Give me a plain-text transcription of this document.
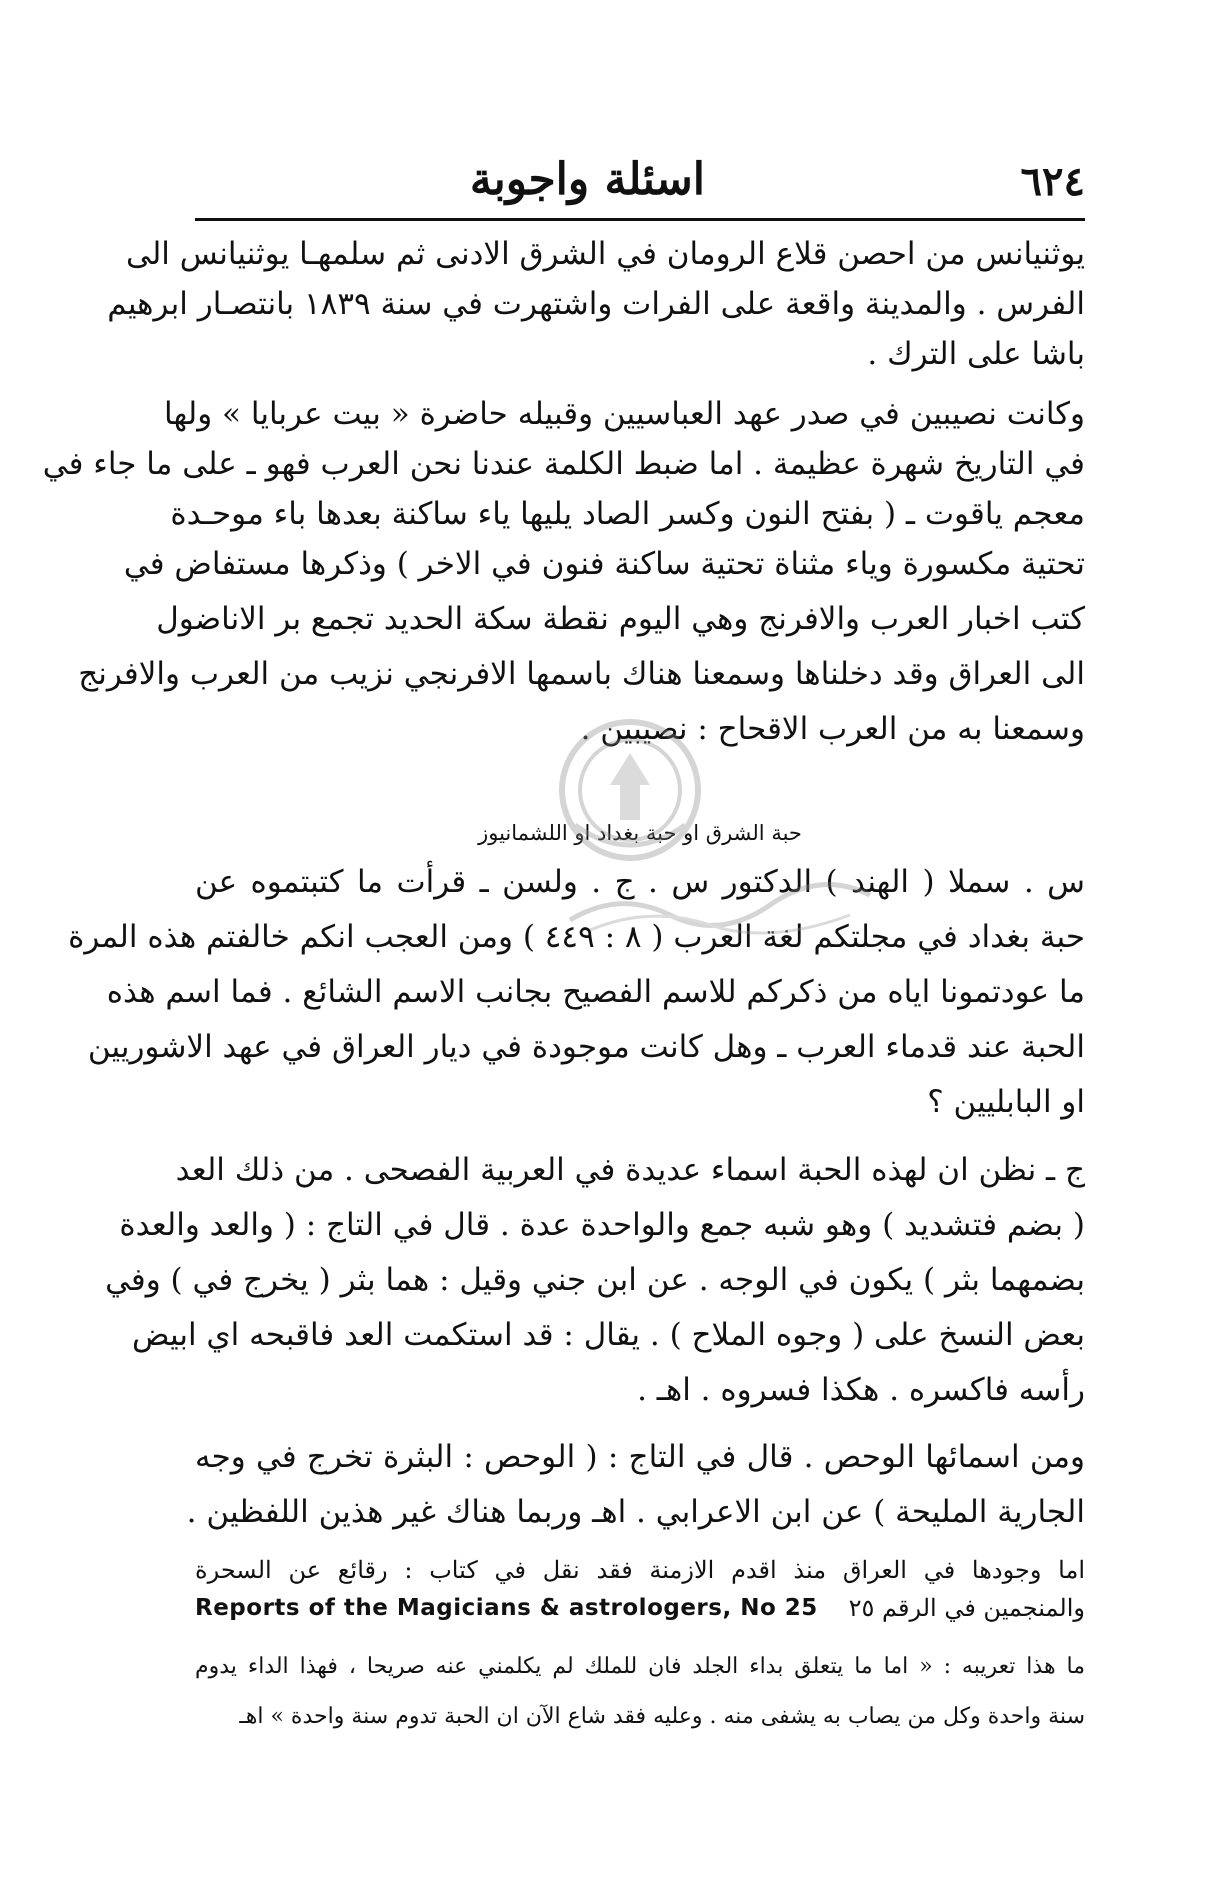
٦٢٤
اسئلة واجوبة
يوثنيانس من احصن قلاع الرومان في الشرق الادنى ثم سلمهـا يوثنيانس الى
الفرس . والمدينة واقعة على الفرات واشتهرت في سنة ١٨٣٩ بانتصـار ابرهيم
باشا على الترك .
وكانت نصيبين في صدر عهد العباسيين وقبيله حاضرة « بيت عربايا » ولها
في التاريخ شهرة عظيمة . اما ضبط الكلمة عندنا نحن العرب فهو ـ على ما جاء في
معجم ياقوت ـ ( بفتح النون وكسر الصاد يليها ياء ساكنة بعدها باء موحـدة
تحتية مكسورة وياء مثناة تحتية ساكنة فنون في الاخر ) وذكرها مستفاض في
كتب اخبار العرب والافرنج وهي اليوم نقطة سكة الحديد تجمع بر الاناضول
الى العراق وقد دخلناها وسمعنا هناك باسمها الافرنجي نزيب من العرب والافرنج
وسمعنا به من العرب الاقحاح : نصيبين .
حبة الشرق او حبة بغداد او اللشمانيوز
س . سملا ( الهند ) الدكتور س . ج . ولسن ـ قرأت ما كتبتموه عن
حبة بغداد في مجلتكم لغة العرب ( ٨ : ٤٤٩ ) ومن العجب انكم خالفتم هذه المرة
ما عودتمونا اياه من ذكركم للاسم الفصيح بجانب الاسم الشائع . فما اسم هذه
الحبة عند قدماء العرب ـ وهل كانت موجودة في ديار العراق في عهد الاشوريين
او البابليين ؟
ج ـ نظن ان لهذه الحبة اسماء عديدة في العربية الفصحى . من ذلك العد
( بضم فتشديد ) وهو شبه جمع والواحدة عدة . قال في التاج : ( والعد والعدة
بضمهما بثر ) يكون في الوجه . عن ابن جني وقيل : هما بثر ( يخرج في ) وفي
بعض النسخ على ( وجوه الملاح ) . يقال : قد استكمت العد فاقبحه اي ابيض
رأسه فاكسره . هكذا فسروه . اهـ .
ومن اسمائها الوحص . قال في التاج : ( الوحص : البثرة تخرج في وجه
الجارية المليحة ) عن ابن الاعرابي . اهـ وربما هناك غير هذين اللفظين .
اما وجودها في العراق منذ اقدم الازمنة فقد نقل في كتاب : رقائع عن السحرة
Reports of the Magicians & astrologers, No 25 والمنجمين في الرقم ٢٥
ما هذا تعريبه : « اما ما يتعلق بداء الجلد فان للملك لم يكلمني عنه صريحا ، فهذا الداء يدوم
سنة واحدة وكل من يصاب به يشفى منه . وعليه فقد شاع الآن ان الحبة تدوم سنة واحدة » اهـ
